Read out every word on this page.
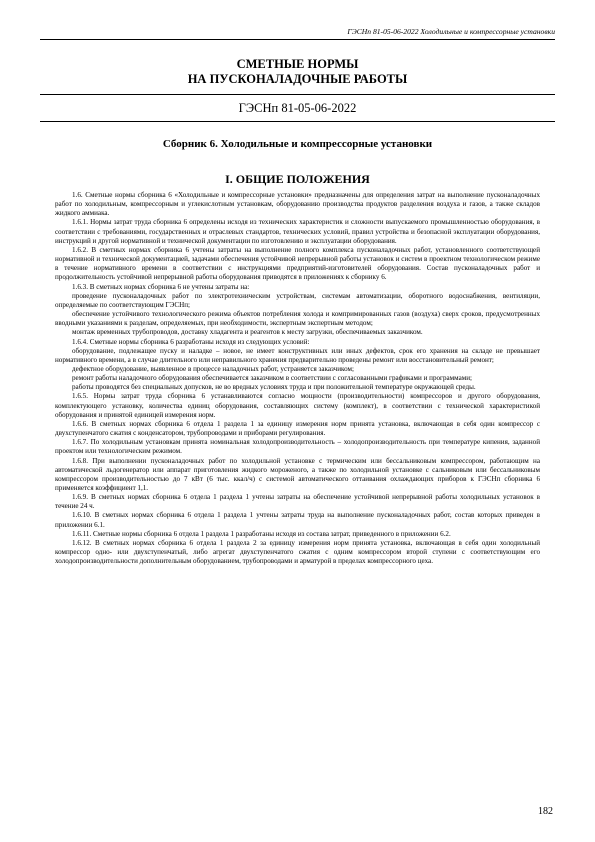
ГЭСНп 81-05-06-2022 Холодильные и компрессорные установки
СМЕТНЫЕ НОРМЫ
НА ПУСКОНАЛАДОЧНЫЕ РАБОТЫ
ГЭСНп 81-05-06-2022
Сборник 6. Холодильные и компрессорные установки
I. ОБЩИЕ ПОЛОЖЕНИЯ

1.6. Сметные нормы сборника 6 «Холодильные и компрессорные установки» предназначены для определения затрат на выполнение пусконаладочных работ по холодильным, компрессорным и углекислотным установкам, оборудованию производства продуктов разделения воздуха и газов, а также складов жидкого аммиака.

1.6.1. Нормы затрат труда сборника 6 определены исходя из технических характеристик и сложности выпускаемого промышленностью оборудования, в соответствии с требованиями, государственных и отраслевых стандартов, технических условий, правил устройства и безопасной эксплуатации оборудования, инструкций и другой нормативной и технической документации по изготовлению и эксплуатации оборудования.

1.6.2. В сметных нормах сборника 6 учтены затраты на выполнение полного комплекса пусконаладочных работ, установленного соответствующей нормативной и технической документацией, задачами обеспечения устойчивой непрерывной работы установок и систем в проектном технологическом режиме в течение нормативного времени в соответствии с инструкциями предприятий-изготовителей оборудования. Состав пусконаладочных работ и продолжительность устойчивой непрерывной работы оборудования приводятся в приложениях к сборнику 6.

1.6.3. В сметных нормах сборника 6 не учтены затраты на:

проведение пусконаладочных работ по электротехническим устройствам, системам автоматизации, оборотного водоснабжения, вентиляции, определяемые по соответствующим ГЭСНп;

обеспечение устойчивого технологического режима объектов потребления холода и компримированных газов (воздуха) сверх сроков, предусмотренных вводными указаниями к разделам, определяемых, при необходимости, экспертным экспертным методом;

монтаж временных трубопроводов, доставку хладагента и реагентов к месту загрузки, обеспечиваемых заказчиком.

1.6.4. Сметные нормы сборника 6 разработаны исходя из следующих условий:

оборудование, подлежащее пуску и наладке – новое, не имеет конструктивных или иных дефектов, срок его хранения на складе не превышает нормативного времени, а в случае длительного или неправильного хранения предварительно проведены ремонт или восстановительный ремонт;

дефектное оборудование, выявленное в процессе наладочных работ, устраняется заказчиком;

ремонт работы наладочного оборудования обеспечивается заказчиком в соответствии с согласованными графиками и программами;

работы проводятся без специальных допусков, не во вредных условиях труда и при положительной температуре окружающей среды.

1.6.5. Нормы затрат труда сборника 6 устанавливаются согласно мощности (производительности) компрессоров и другого оборудования, комплектующего установку, количества единиц оборудования, составляющих систему (комплект), в соответствии с технической характеристикой оборудования и принятой единицей измерения норм.

1.6.6. В сметных нормах сборника 6 отдела 1 раздела 1 за единицу измерения норм принята установка, включающая в себя один компрессор с двухступенчатого сжатия с конденсатором, трубопроводами и приборами регулирования.

1.6.7. По холодильным установкам принята номинальная холодопроизводительность – холодопроизводительность при температуре кипения, заданной проектом или технологическим режимом.

1.6.8. При выполнении пусконаладочных работ по холодильной установке с термическим или бессальниковым компрессором, работающим на автоматической льдогенератор или аппарат приготовления жидкого мороженого, а также по холодильной установке с сальниковым или бессальниковым компрессором производительностью до 7 кВт (6 тыс. ккал/ч) с системой автоматического оттаивания охлаждающих приборов к ГЭСНп сборника 6 применяется коэффициент 1,1.

1.6.9. В сметных нормах сборника 6 отдела 1 раздела 1 учтены затраты на обеспечение устойчивой непрерывной работы холодильных установок в течение 24 ч.

1.6.10. В сметных нормах сборника 6 отдела 1 раздела 1 учтены затраты труда на выполнение пусконаладочных работ, состав которых приведен в приложении 6.1.

1.6.11. Сметные нормы сборника 6 отдела 1 раздела 1 разработаны исходя из состава затрат, приведенного в приложении 6.2.

1.6.12. В сметных нормах сборника 6 отдела 1 раздела 2 за единицу измерения норм принята установка, включающая в себя один холодильный компрессор одно- или двухступенчатый, либо агрегат двухступенчатого сжатия с одним компрессором второй ступени с соответствующим его холодопроизводительности дополнительным оборудованием, трубопроводами и арматурой в пределах компрессорного цеха.

182
